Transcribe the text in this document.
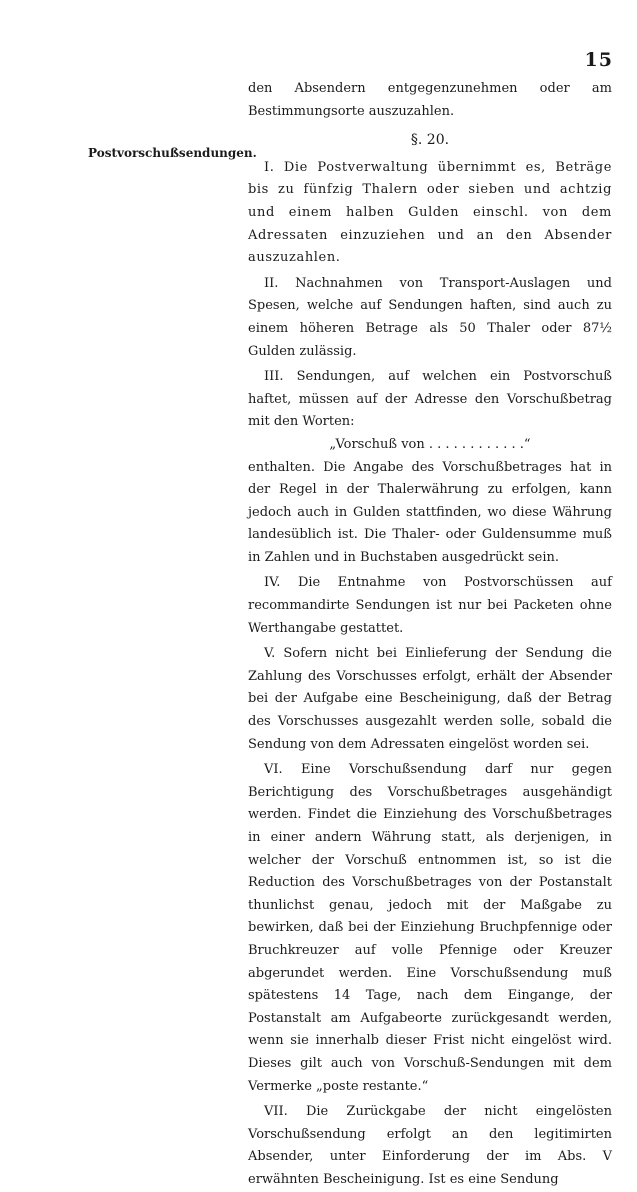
15
Postvorschußsendungen.

den Absendern entgegenzunehmen oder am Bestimmungsorte auszuzahlen.

§. 20.

I. Die Postverwaltung übernimmt es, Beträge bis zu fünfzig Thalern oder sieben und achtzig und einem halben Gulden einschl. von dem Adressaten einzuziehen und an den Absender auszuzahlen.

II. Nachnahmen von Transport-Auslagen und Spesen, welche auf Sendungen haften, sind auch zu einem höheren Betrage als 50 Thaler oder 87½ Gulden zulässig.

III. Sendungen, auf welchen ein Postvorschuß haftet, müssen auf der Adresse den Vorschußbetrag mit den Worten:

„Vorschuß von . . . . . . . . . . . .“

enthalten. Die Angabe des Vorschußbetrages hat in der Regel in der Thalerwährung zu erfolgen, kann jedoch auch in Gulden stattfinden, wo diese Währung landesüblich ist. Die Thaler- oder Guldensumme muß in Zahlen und in Buchstaben ausgedrückt sein.

IV. Die Entnahme von Postvorschüssen auf recommandirte Sendungen ist nur bei Packeten ohne Werthangabe gestattet.

V. Sofern nicht bei Einlieferung der Sendung die Zahlung des Vorschusses erfolgt, erhält der Absender bei der Aufgabe eine Bescheinigung, daß der Betrag des Vorschusses ausgezahlt werden solle, sobald die Sendung von dem Adressaten eingelöst worden sei.

VI. Eine Vorschußsendung darf nur gegen Berichtigung des Vorschußbetrages ausgehändigt werden. Findet die Einziehung des Vorschußbetrages in einer andern Währung statt, als derjenigen, in welcher der Vorschuß entnommen ist, so ist die Reduction des Vorschußbetrages von der Postanstalt thunlichst genau, jedoch mit der Maßgabe zu bewirken, daß bei der Einziehung Bruchpfennige oder Bruchkreuzer auf volle Pfennige oder Kreuzer abgerundet werden. Eine Vorschußsendung muß spätestens 14 Tage, nach dem Eingange, der Postanstalt am Aufgabeorte zurückgesandt werden, wenn sie innerhalb dieser Frist nicht eingelöst wird. Dieses gilt auch von Vorschuß-Sendungen mit dem Vermerke „poste restante.“

VII. Die Zurückgabe der nicht eingelösten Vorschußsendung erfolgt an den legitimirten Absender, unter Einforderung der im Abs. V erwähnten Bescheinigung. Ist es eine Sendung
